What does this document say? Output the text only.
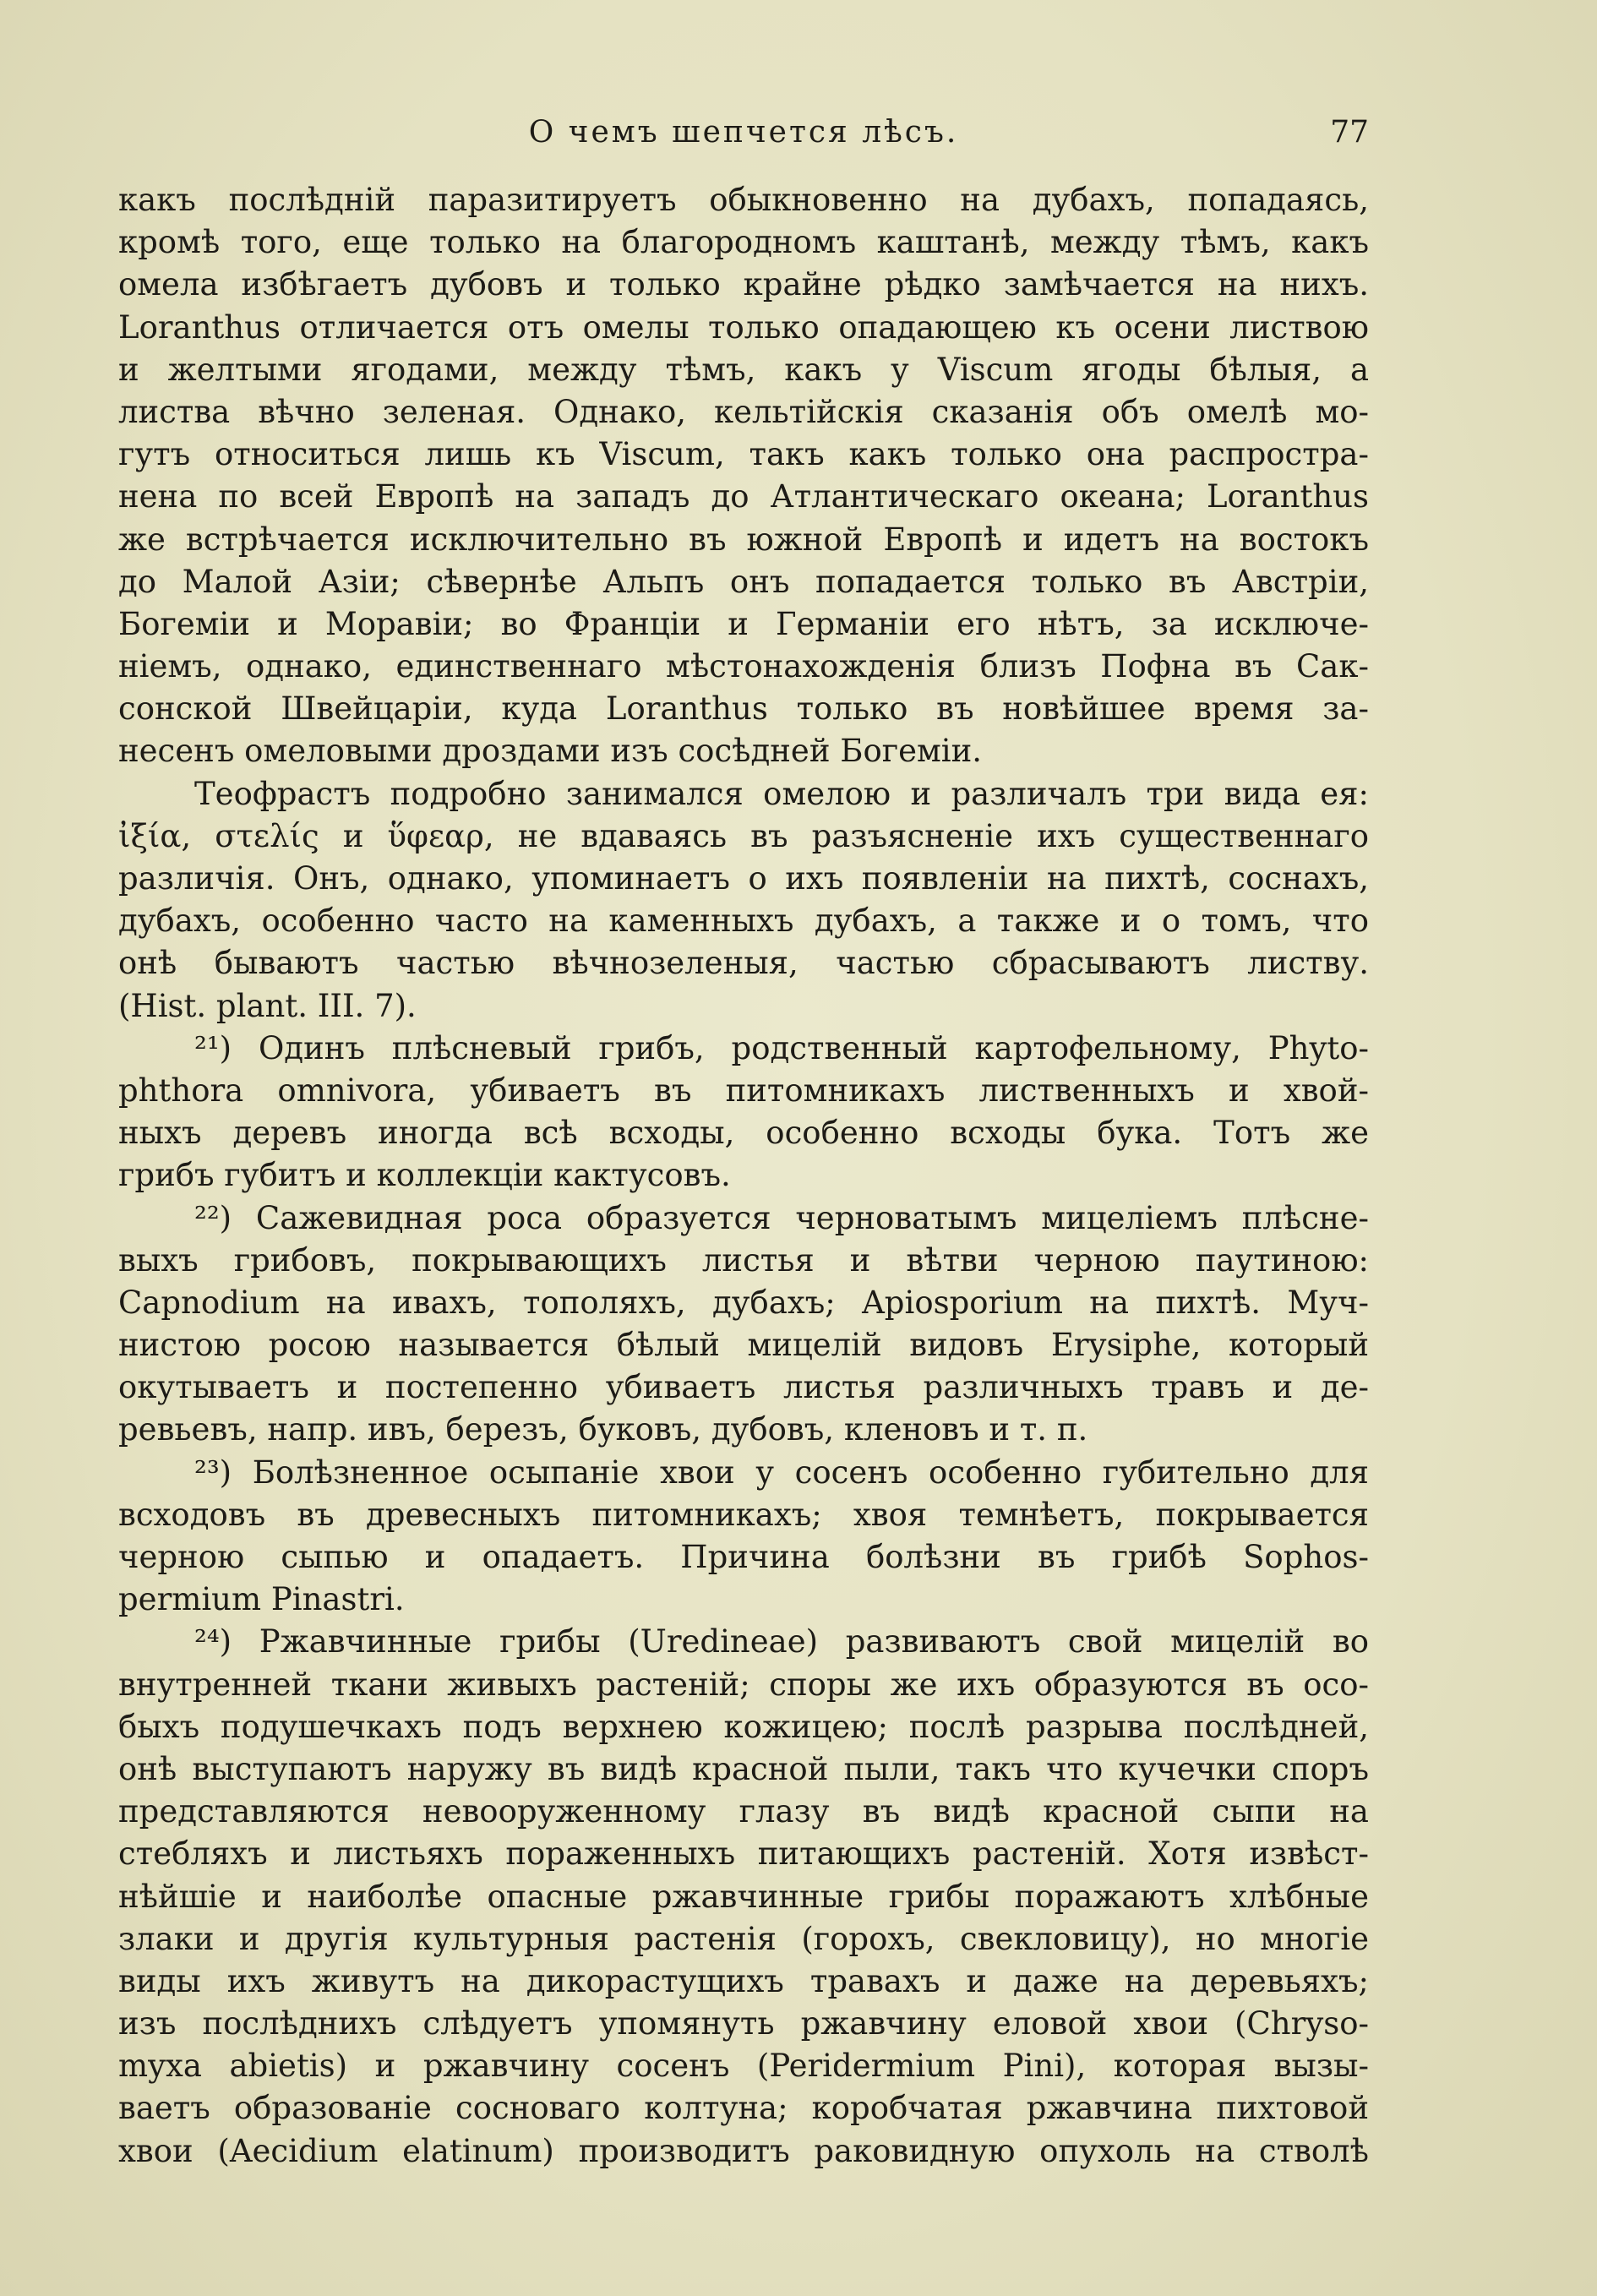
О чемъ шепчется лѣсъ.	77
какъ послѣдній паразитируетъ обыкновенно на дубахъ, попадаясь,
кромѣ того, еще только на благородномъ каштанѣ, между тѣмъ, какъ
омела избѣгаетъ дубовъ и только крайне рѣдко замѣчается на нихъ.
Loranthus отличается отъ омелы только опадающею къ осени листвою
и желтыми ягодами, между тѣмъ, какъ у Viscum ягоды бѣлыя, а
листва вѣчно зеленая. Однако, кельтійскія сказанія объ омелѣ мо-
гутъ относиться лишь къ Viscum, такъ какъ только она распростра-
нена по всей Европѣ на западъ до Атлантическаго океана; Loranthus
же встрѣчается исключительно въ южной Европѣ и идетъ на востокъ
до Малой Азіи; сѣвернѣе Альпъ онъ попадается только въ Австріи,
Богеміи и Моравіи; во Франціи и Германіи его нѣтъ, за исключе-
ніемъ, однако, единственнаго мѣстонахожденія близъ Пофна въ Сак-
сонской Швейцаріи, куда Loranthus только въ новѣйшее время за-
несенъ омеловыми дроздами изъ сосѣдней Богеміи.
Теофрастъ подробно занимался омелою и различалъ три вида ея:
ἰξία, στελίς и ὕφεαρ, не вдаваясь въ разъясненіе ихъ существеннаго
различія. Онъ, однако, упоминаетъ о ихъ появленіи на пихтѣ, соснахъ,
дубахъ, особенно часто на каменныхъ дубахъ, а также и о томъ, что
онѣ бываютъ частью вѣчнозеленыя, частью сбрасываютъ листву.
(Hist. plant. III. 7).
²¹) Одинъ плѣсневый грибъ, родственный картофельному, Phyto-
phthora omnivora, убиваетъ въ питомникахъ лиственныхъ и хвой-
ныхъ деревъ иногда всѣ всходы, особенно всходы бука. Тотъ же
грибъ губитъ и коллекціи кактусовъ.
²²) Сажевидная роса образуется черноватымъ мицеліемъ плѣсне-
выхъ грибовъ, покрывающихъ листья и вѣтви черною паутиною:
Capnodium на ивахъ, тополяхъ, дубахъ; Apiosporium на пихтѣ. Муч-
нистою росою называется бѣлый мицелій видовъ Erysiphe, который
окутываетъ и постепенно убиваетъ листья различныхъ травъ и де-
ревьевъ, напр. ивъ, березъ, буковъ, дубовъ, кленовъ и т. п.
²³) Болѣзненное осыпаніе хвои у сосенъ особенно губительно для
всходовъ въ древесныхъ питомникахъ; хвоя темнѣетъ, покрывается
черною сыпью и опадаетъ. Причина болѣзни въ грибѣ Sophos-
permium Pinastri.
²⁴) Ржавчинные грибы (Uredineae) развиваютъ свой мицелій во
внутренней ткани живыхъ растеній; споры же ихъ образуются въ осо-
быхъ подушечкахъ подъ верхнею кожицею; послѣ разрыва послѣдней,
онѣ выступаютъ наружу въ видѣ красной пыли, такъ что кучечки споръ
представляются невооруженному глазу въ видѣ красной сыпи на
стебляхъ и листьяхъ пораженныхъ питающихъ растеній. Хотя извѣст-
нѣйшіе и наиболѣе опасные ржавчинные грибы поражаютъ хлѣбные
злаки и другія культурныя растенія (горохъ, свекловицу), но многіе
виды ихъ живутъ на дикорастущихъ травахъ и даже на деревьяхъ;
изъ послѣднихъ слѣдуетъ упомянуть ржавчину еловой хвои (Chryso-
myxa abietis) и ржавчину сосенъ (Peridermium Pini), которая вызы-
ваетъ образованіе сосноваго колтуна; коробчатая ржавчина пихтовой
хвои (Aecidium elatinum) производитъ раковидную опухоль на стволѣ
